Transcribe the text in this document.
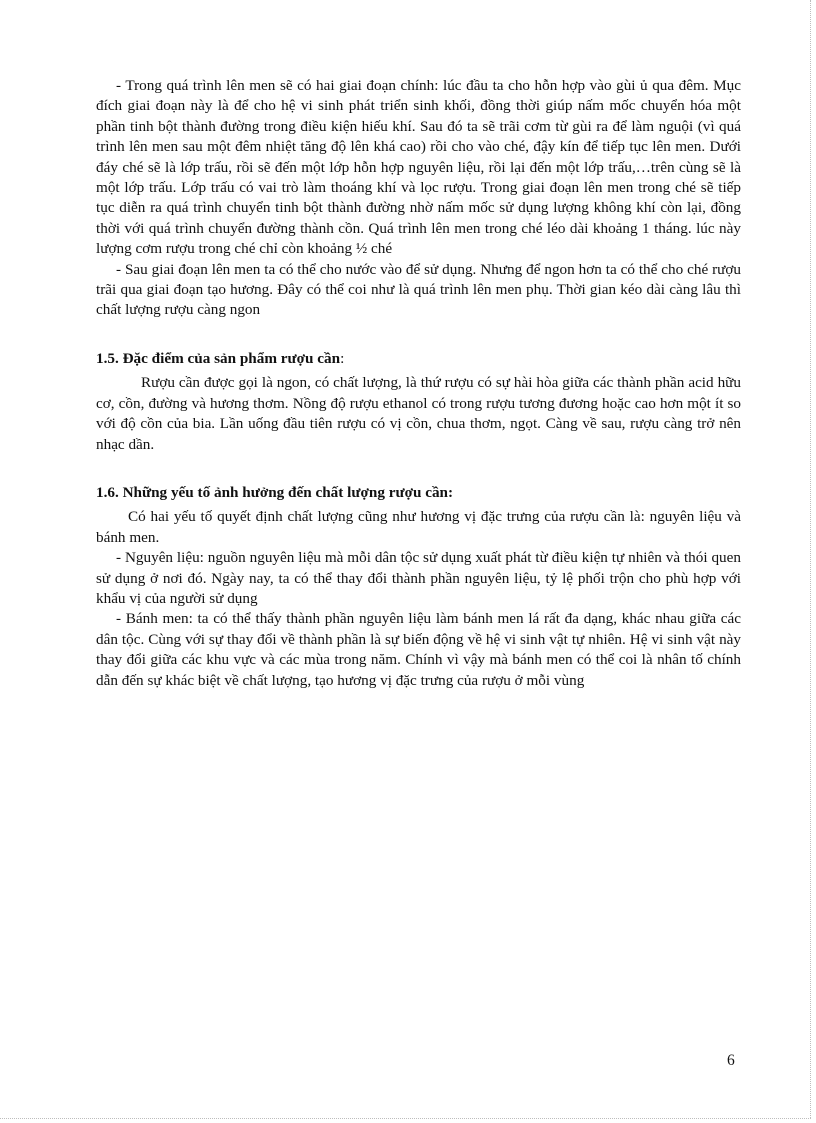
- Trong quá trình lên men sẽ có hai giai đoạn chính: lúc đầu ta cho hỗn hợp vào gùi ủ qua đêm. Mục đích giai đoạn này là để cho hệ vi sinh phát triển sinh khối, đồng thời giúp nấm mốc chuyển hóa một phần tinh bột thành đường trong điều kiện hiếu khí. Sau đó ta sẽ trãi cơm từ gùi ra để làm nguội (vì quá trình lên men sau một đêm nhiệt tăng độ lên khá cao) rồi cho vào ché, đậy kín để tiếp tục lên men. Dưới đáy ché sẽ là lớp trấu, rồi sẽ đến một lớp hỗn hợp nguyên liệu, rồi lại đến một lớp trấu,…trên cùng sẽ là một lớp trấu. Lớp trấu có vai trò làm thoáng khí và lọc rượu. Trong giai đoạn lên men trong ché sẽ tiếp tục diễn ra quá trình chuyển tinh bột thành đường nhờ nấm mốc sử dụng lượng không khí còn lại, đồng thời với quá trình chuyển đường thành cồn. Quá trình lên men trong ché léo dài khoảng 1 tháng. lúc này lượng cơm rượu trong ché chỉ còn khoảng ½ ché

- Sau giai đoạn lên men ta có thể cho nước vào để sử dụng. Nhưng để ngon hơn ta có thể cho ché rượu trãi qua giai đoạn tạo hương. Đây có thể coi như là quá trình lên men phụ. Thời gian kéo dài càng lâu thì chất lượng rượu càng ngon

1.5. Đặc điểm của sản phẩm rượu cần:

Rượu cần được gọi là ngon, có chất lượng, là thứ rượu có sự hài hòa giữa các thành phần acid hữu cơ, cồn, đường và hương thơm. Nồng độ rượu ethanol có trong rượu tương đương hoặc cao hơn một ít so với độ cồn của bia. Lần uống đầu tiên rượu có vị cồn, chua thơm, ngọt. Càng về sau, rượu càng trở nên nhạc dần.

1.6. Những yếu tố ảnh hưởng đến chất lượng rượu cần:

Có hai yếu tố quyết định chất lượng cũng như hương vị đặc trưng của rượu cần là: nguyên liệu và bánh men.

- Nguyên liệu: nguồn nguyên liệu mà mỗi dân tộc sử dụng xuất phát từ điều kiện tự nhiên và thói quen sử dụng ở nơi đó. Ngày nay, ta có thể thay đổi thành phần nguyên liệu, tỷ lệ phối trộn cho phù hợp với khẩu vị của người sử dụng

- Bánh men: ta có thể thấy thành phần nguyên liệu làm bánh men lá rất đa dạng, khác nhau giữa các dân tộc. Cùng với sự thay đổi về thành phần là sự biến động về hệ vi sinh vật tự nhiên. Hệ vi sinh vật này thay đổi giữa các khu vực và các mùa trong năm. Chính vì vậy mà bánh men có thể coi là nhân tố chính dẫn đến sự khác biệt về chất lượng, tạo hương vị đặc trưng của rượu ở mỗi vùng

6
